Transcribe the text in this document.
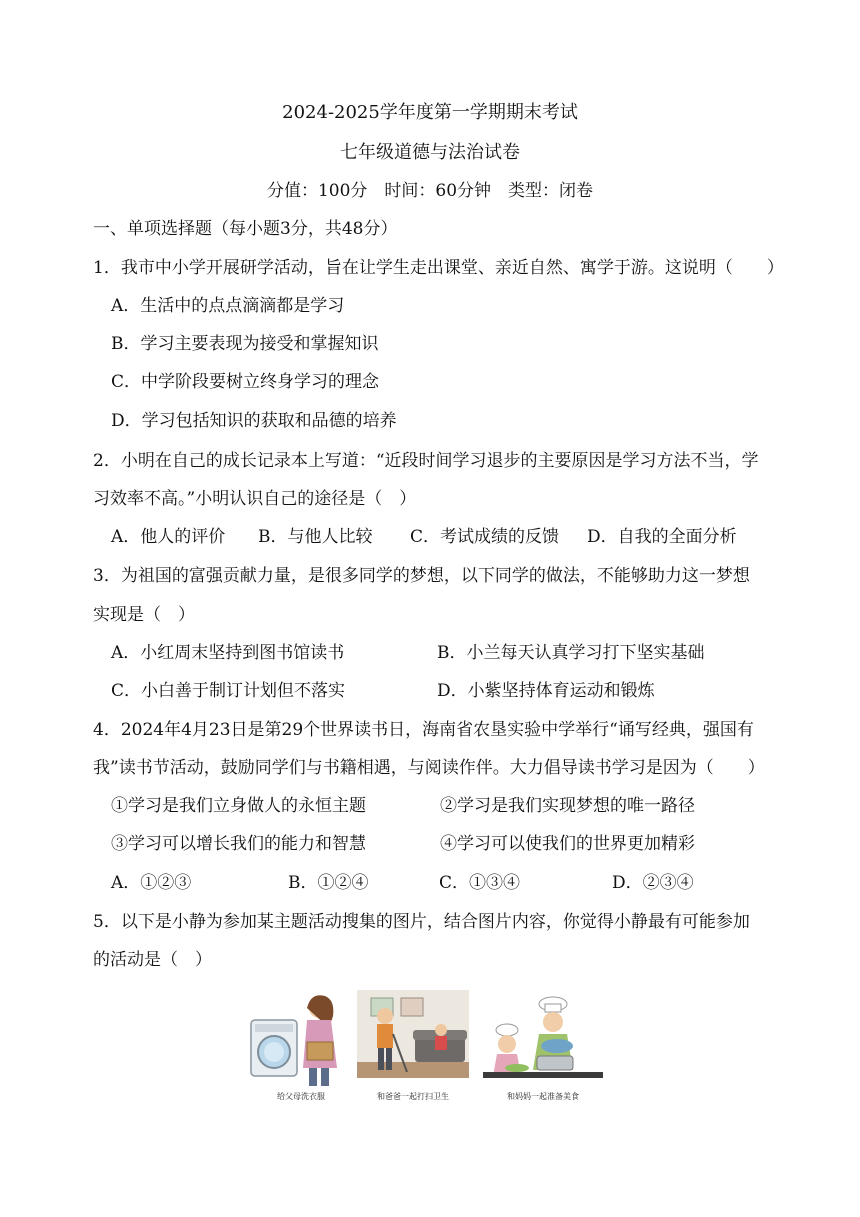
2024-2025学年度第一学期期末考试
七年级道德与法治试卷
分值：100分　时间：60分钟　类型：闭卷
一、单项选择题（每小题3分，共48分）
1．我市中小学开展研学活动，旨在让学生走出课堂、亲近自然、寓学于游。这说明（　　）
A．生活中的点点滴滴都是学习
B．学习主要表现为接受和掌握知识
C．中学阶段要树立终身学习的理念
D．学习包括知识的获取和品德的培养
2．小明在自己的成长记录本上写道：“近段时间学习退步的主要原因是学习方法不当，学
习效率不高。”小明认识自己的途径是（　）
A．他人的评价 B．与他人比较 C．考试成绩的反馈 D．自我的全面分析
3．为祖国的富强贡献力量，是很多同学的梦想，以下同学的做法，不能够助力这一梦想
实现是（　）
A．小红周末坚持到图书馆读书	B．小兰每天认真学习打下坚实基础
C．小白善于制订计划但不落实	D．小紫坚持体育运动和锻炼
4．2024年4月23日是第29个世界读书日，海南省农垦实验中学举行“诵写经典，强国有
我”读书节活动，鼓励同学们与书籍相遇，与阅读作伴。大力倡导读书学习是因为（　　）
①学习是我们立身做人的永恒主题	②学习是我们实现梦想的唯一路径
③学习可以增长我们的能力和智慧	④学习可以使我们的世界更加精彩
A．①②③	B．①②④	C．①③④	D．②③④
5．以下是小静为参加某主题活动搜集的图片，结合图片内容，你觉得小静最有可能参加
的活动是（　）
给父母洗衣服	和爸爸一起打扫卫生	和妈妈一起准备美食
